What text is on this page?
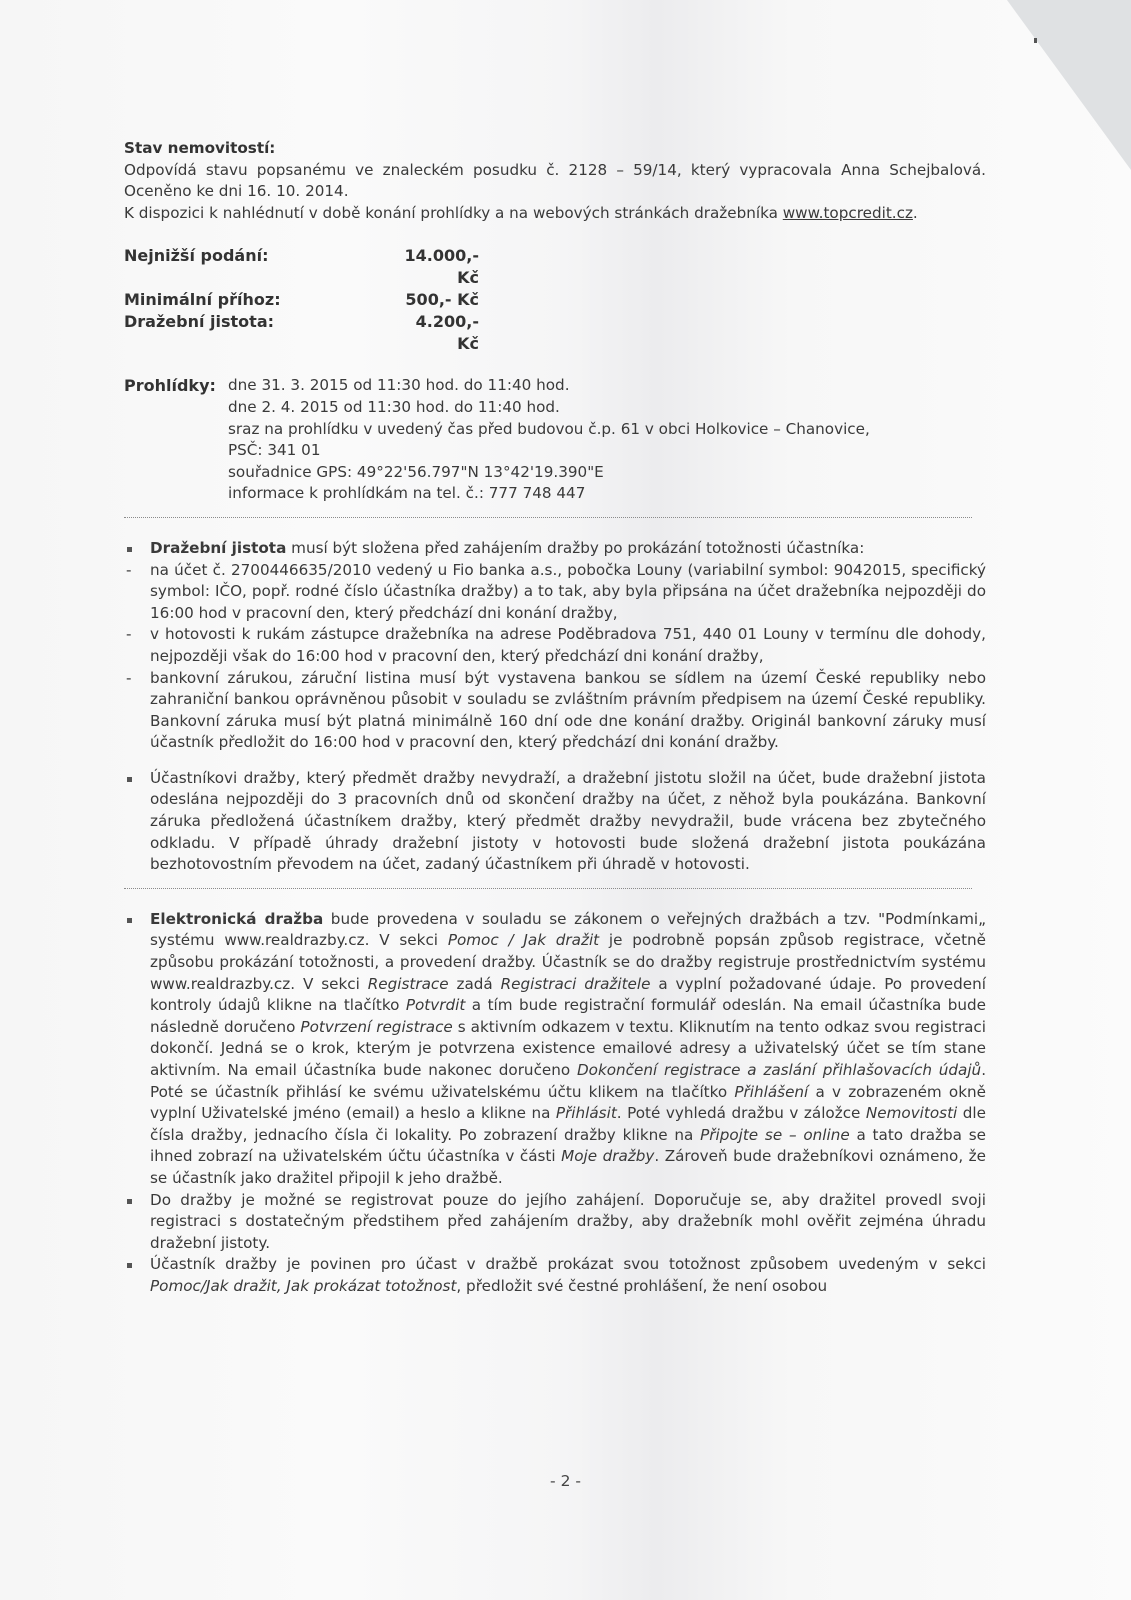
Stav nemovitostí:

Odpovídá stavu popsanému ve znaleckém posudku č. 2128 – 59/14, který vypracovala Anna Schejbalová. Oceněno ke dni 16. 10. 2014.

K dispozici k nahlédnutí v době konání prohlídky a na webových stránkách dražebníka www.topcredit.cz.

Nejnižší podání:	14.000,- Kč
Minimální příhoz:	500,- Kč
Dražební jistota:	4.200,- Kč
Prohlídky: dne 31. 3. 2015 od 11:30 hod. do 11:40 hod.

dne 2. 4. 2015 od 11:30 hod. do 11:40 hod.

sraz na prohlídku v uvedený čas před budovou č.p. 61 v obci Holkovice – Chanovice,

PSČ: 341 01

souřadnice GPS: 49°22'56.797"N 13°42'19.390"E

informace k prohlídkám na tel. č.: 777 748 447

Dražební jistota musí být složena před zahájením dražby po prokázání totožnosti účastníka:

- na účet č. 2700446635/2010 vedený u Fio banka a.s., pobočka Louny (variabilní symbol: 9042015, specifický symbol: IČO, popř. rodné číslo účastníka dražby) a to tak, aby byla připsána na účet dražebníka nejpozději do 16:00 hod v pracovní den, který předchází dni konání dražby,

- v hotovosti k rukám zástupce dražebníka na adrese Poděbradova 751, 440 01 Louny v termínu dle dohody, nejpozději však do 16:00 hod v pracovní den, který předchází dni konání dražby,

- bankovní zárukou, záruční listina musí být vystavena bankou se sídlem na území České republiky nebo zahraniční bankou oprávněnou působit v souladu se zvláštním právním předpisem na území České republiky. Bankovní záruka musí být platná minimálně 160 dní ode dne konání dražby. Originál bankovní záruky musí účastník předložit do 16:00 hod v pracovní den, který předchází dni konání dražby.

Účastníkovi dražby, který předmět dražby nevydraží, a dražební jistotu složil na účet, bude dražební jistota odeslána nejpozději do 3 pracovních dnů od skončení dražby na účet, z něhož byla poukázána. Bankovní záruka předložená účastníkem dražby, který předmět dražby nevydražil, bude vrácena bez zbytečného odkladu. V případě úhrady dražební jistoty v hotovosti bude složená dražební jistota poukázána bezhotovostním převodem na účet, zadaný účastníkem při úhradě v hotovosti.

Elektronická dražba bude provedena v souladu se zákonem o veřejných dražbách a tzv. "Podmínkami„ systému www.realdrazby.cz. V sekci Pomoc / Jak dražit je podrobně popsán způsob registrace, včetně způsobu prokázání totožnosti, a provedení dražby. Účastník se do dražby registruje prostřednictvím systému www.realdrazby.cz. V sekci Registrace zadá Registraci dražitele a vyplní požadované údaje. Po provedení kontroly údajů klikne na tlačítko Potvrdit a tím bude registrační formulář odeslán. Na email účastníka bude následně doručeno Potvrzení registrace s aktivním odkazem v textu. Kliknutím na tento odkaz svou registraci dokončí. Jedná se o krok, kterým je potvrzena existence emailové adresy a uživatelský účet se tím stane aktivním. Na email účastníka bude nakonec doručeno Dokončení registrace a zaslání přihlašovacích údajů. Poté se účastník přihlásí ke svému uživatelskému účtu klikem na tlačítko Přihlášení a v zobrazeném okně vyplní Uživatelské jméno (email) a heslo a klikne na Přihlásit. Poté vyhledá dražbu v záložce Nemovitosti dle čísla dražby, jednacího čísla či lokality. Po zobrazení dražby klikne na Připojte se – online a tato dražba se ihned zobrazí na uživatelském účtu účastníka v části Moje dražby. Zároveň bude dražebníkovi oznámeno, že se účastník jako dražitel připojil k jeho dražbě.

Do dražby je možné se registrovat pouze do jejího zahájení. Doporučuje se, aby dražitel provedl svoji registraci s dostatečným předstihem před zahájením dražby, aby dražebník mohl ověřit zejména úhradu dražební jistoty.

Účastník dražby je povinen pro účast v dražbě prokázat svou totožnost způsobem uvedeným v sekci Pomoc/Jak dražit, Jak prokázat totožnost, předložit své čestné prohlášení, že není osobou

- 2 -
